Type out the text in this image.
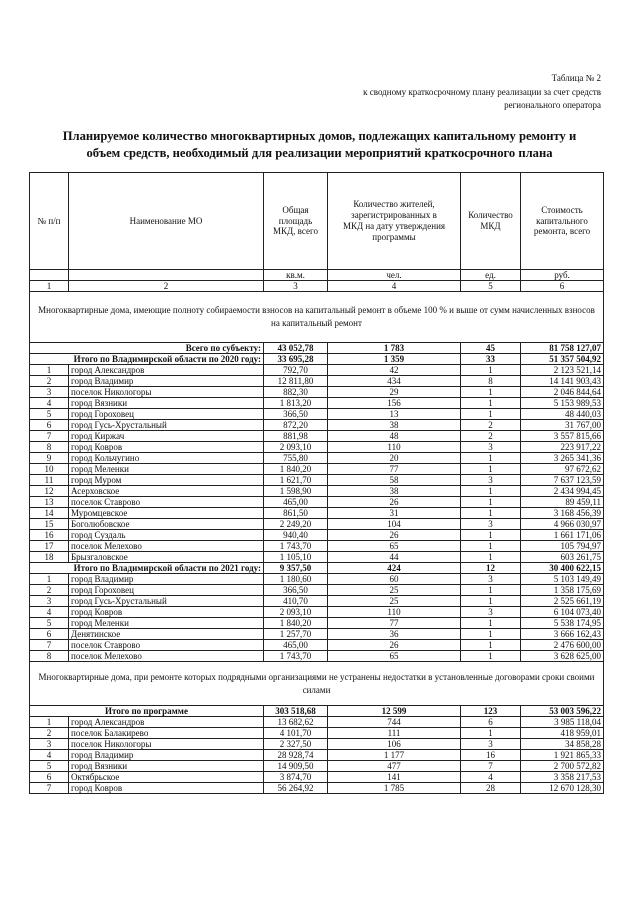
Таблица № 2
к сводному краткосрочному плану реализации за счет средств
регионального оператора
Планируемое количество многоквартирных домов, подлежащих капитальному ремонту и
объем средств, необходимый для реализации мероприятий краткосрочного плана
№ п/п	Наименование МО	Общая площадь МКД, всего	Количество жителей, зарегистрированных в МКД на дату утверждения программы	Количество МКД	Стоимость капитального ремонта, всего
		кв.м.	чел.	ед.	руб.
1	2	3	4	5	6
Многоквартирные дома, имеющие полноту собираемости взносов на капитальный ремонт в объеме 100 % и выше от сумм начисленных взносов на капитальный ремонт					
Всего по субъекту:		43 052,78	1 783	45	81 758 127,07
Итого по Владимирской области по 2020 году:		33 695,28	1 359	33	51 357 504,92
1	город Александров	792,70	42	1	2 123 521,14
2	город Владимир	12 811,80	434	8	14 141 903,43
3	поселок Никологоры	882,30	29	1	2 046 844,64
4	город Вязники	1 813,20	156	1	5 153 989,53
5	город Гороховец	366,50	13	1	48 440,03
6	город Гусь-Хрустальный	872,20	38	2	31 767,00
7	город Киржач	881,98	48	2	3 557 815,66
8	город Ковров	2 093,10	110	3	223 917,22
9	город Кольчугино	755,80	20	1	3 265 341,36
10	город Меленки	1 840,20	77	1	97 672,62
11	город Муром	1 621,70	58	3	7 637 123,59
12	Асерховское	1 598,90	38	1	2 434 994,45
13	поселок Ставрово	465,00	26	1	89 459,11
14	Муромцевское	861,50	31	1	3 168 456,39
15	Боголюбовское	2 249,20	104	3	4 966 030,97
16	город Суздаль	940,40	26	1	1 661 171,06
17	поселок Мелехово	1 743,70	65	1	105 794,97
18	Брызгаловское	1 105,10	44	1	603 261,75
Итого по Владимирской области по 2021 году:		9 357,50	424	12	30 400 622,15
1	город Владимир	1 180,60	60	3	5 103 149,49
2	город Гороховец	366,50	25	1	1 358 175,69
3	город Гусь-Хрустальный	410,70	25	1	2 525 661,19
4	город Ковров	2 093,10	110	3	6 104 073,40
5	город Меленки	1 840,20	77	1	5 538 174,95
6	Денятинское	1 257,70	36	1	3 666 162,43
7	поселок Ставрово	465,00	26	1	2 476 600,00
8	поселок Мелехово	1 743,70	65	1	3 628 625,00
Многоквартирные дома, при ремонте которых подрядными организациями не устранены недостатки в установленные договорами сроки своими силами					
Итого по программе		303 518,68	12 599	123	53 003 596,22
1	город Александров	13 682,62	744	6	3 985 118,04
2	поселок Балакирево	4 101,70	111	1	418 959,01
3	поселок Никологоры	2 327,50	106	3	34 858,28
4	город Владимир	28 928,74	1 177	16	1 921 865,33
5	город Вязники	14 909,50	477	7	2 700 572,82
6	Октябрьское	3 874,70	141	4	3 358 217,53
7	город Ковров	56 264,92	1 785	28	12 670 128,30
